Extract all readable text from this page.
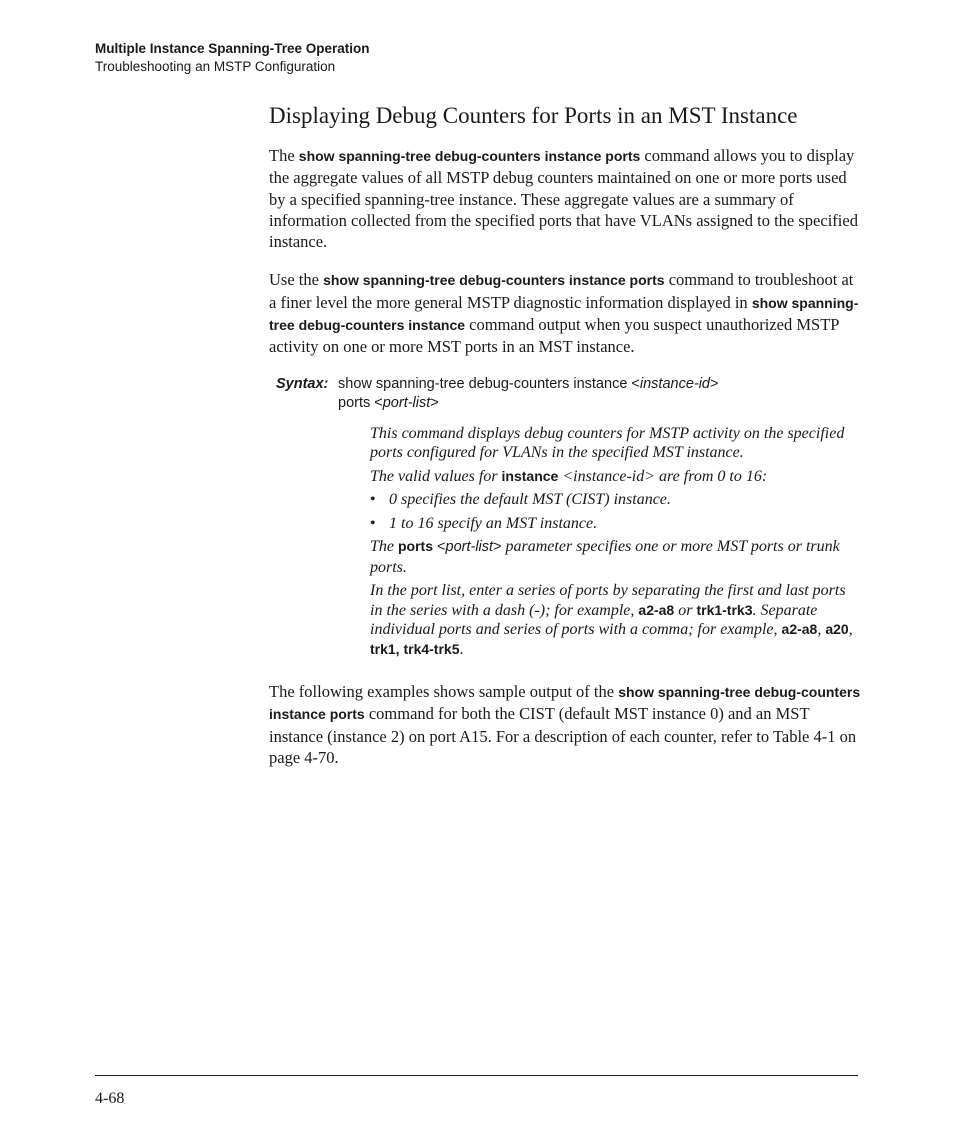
Multiple Instance Spanning-Tree Operation
Troubleshooting an MSTP Configuration
Displaying Debug Counters for Ports in an MST Instance

The show spanning-tree debug-counters instance ports command allows you to display the aggregate values of all MSTP debug counters maintained on one or more ports used by a specified spanning-tree instance. These aggregate values are a summary of information collected from the specified ports that have VLANs assigned to the specified instance.

Use the show spanning-tree debug-counters instance ports command to troubleshoot at a finer level the more general MSTP diagnostic information displayed in show spanning-tree debug-counters instance command output when you suspect unauthorized MSTP activity on one or more MST ports in an MST instance.

Syntax: show spanning-tree debug-counters instance <instance-id>
ports <port-list>

This command displays debug counters for MSTP activity on the specified ports configured for VLANs in the specified MST instance.

The valid values for instance <instance-id> are from 0 to 16:

• 0 specifies the default MST (CIST) instance.
• 1 to 16 specify an MST instance.

The ports <port-list> parameter specifies one or more MST ports or trunk ports.

In the port list, enter a series of ports by separating the first and last ports in the series with a dash (-); for example, a2-a8 or trk1-trk3. Separate individual ports and series of ports with a comma; for example, a2-a8, a20, trk1, trk4-trk5.

The following examples shows sample output of the show spanning-tree debug-counters instance ports command for both the CIST (default MST instance 0) and an MST instance (instance 2) on port A15. For a description of each counter, refer to Table 4-1 on page 4-70.

4-68
